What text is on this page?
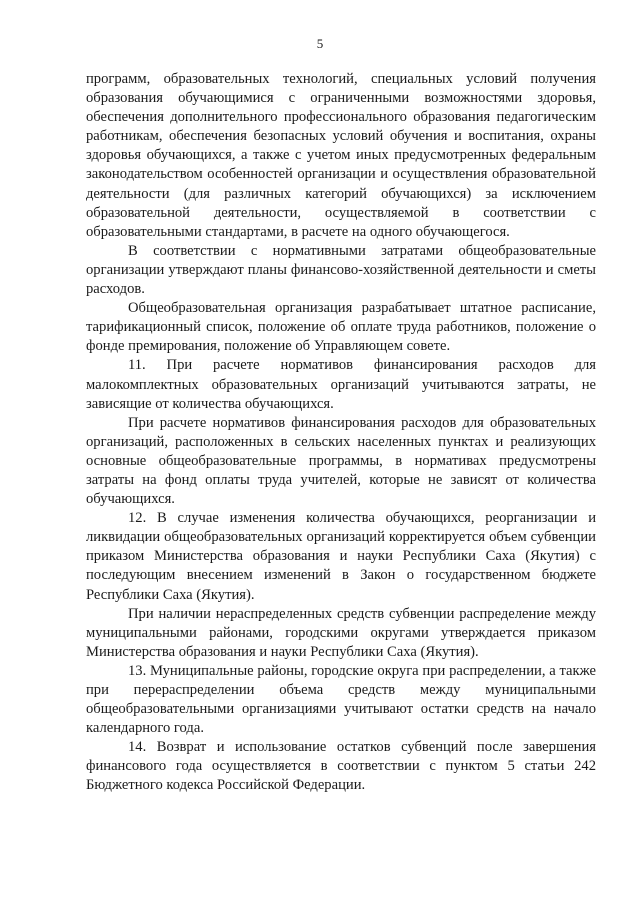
5

программ, образовательных технологий, специальных условий получения образования обучающимися с ограниченными возможностями здоровья, обеспечения дополнительного профессионального образования педагогическим работникам, обеспечения безопасных условий обучения и воспитания, охраны здоровья обучающихся, а также с учетом иных предусмотренных федеральным законодательством особенностей организации и осуществления образовательной деятельности (для различных категорий обучающихся) за исключением образовательной деятельности, осуществляемой в соответствии с образовательными стандартами, в расчете на одного обучающегося.

В соответствии с нормативными затратами общеобразовательные организации утверждают планы финансово-хозяйственной деятельности и сметы расходов.

Общеобразовательная организация разрабатывает штатное расписание, тарификационный список, положение об оплате труда работников, положение о фонде премирования, положение об Управляющем совете.

11. При расчете нормативов финансирования расходов для малокомплектных образовательных организаций учитываются затраты, не зависящие от количества обучающихся.

При расчете нормативов финансирования расходов для образовательных организаций, расположенных в сельских населенных пунктах и реализующих основные общеобразовательные программы, в нормативах предусмотрены затраты на фонд оплаты труда учителей, которые не зависят от количества обучающихся.

12. В случае изменения количества обучающихся, реорганизации и ликвидации общеобразовательных организаций корректируется объем субвенции приказом Министерства образования и науки Республики Саха (Якутия) с последующим внесением изменений в Закон о государственном бюджете Республики Саха (Якутия).

При наличии нераспределенных средств субвенции распределение между муниципальными районами, городскими округами утверждается приказом Министерства образования и науки Республики Саха (Якутия).

13. Муниципальные районы, городские округа при распределении, а также при перераспределении объема средств между муниципальными общеобразовательными организациями учитывают остатки средств на начало календарного года.

14. Возврат и использование остатков субвенций после завершения финансового года осуществляется в соответствии с пунктом 5 статьи 242 Бюджетного кодекса Российской Федерации.
